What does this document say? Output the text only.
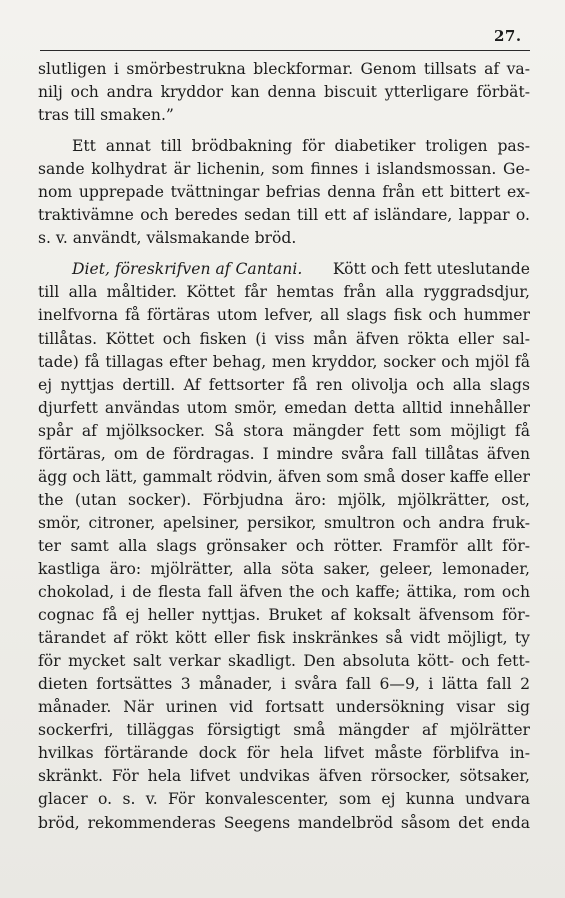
27.
slutligen i smörbestrukna bleckformar. Genom tillsats af va-
nilj och andra kryddor kan denna biscuit ytterligare förbät-
tras till smaken.”
Ett annat till brödbakning för diabetiker troligen pas-
sande kolhydrat är lichenin, som finnes i islandsmossan. Ge-
nom upprepade tvättningar befrias denna från ett bittert ex-
traktivämne och beredes sedan till ett af isländare, lappar o.
s. v. användt, välsmakande bröd.
Diet, föreskrifven af Cantani. Kött och fett uteslutande
till alla måltider. Köttet får hemtas från alla ryggradsdjur,
inelfvorna få förtäras utom lefver, all slags fisk och hummer
tillåtas. Köttet och fisken (i viss mån äfven rökta eller sal-
tade) få tillagas efter behag, men kryddor, socker och mjöl få
ej nyttjas dertill. Af fettsorter få ren olivolja och alla slags
djurfett användas utom smör, emedan detta alltid innehåller
spår af mjölksocker. Så stora mängder fett som möjligt få
förtäras, om de fördragas. I mindre svåra fall tillåtas äfven
ägg och lätt, gammalt rödvin, äfven som små doser kaffe eller
the (utan socker). Förbjudna äro: mjölk, mjölkrätter, ost,
smör, citroner, apelsiner, persikor, smultron och andra fruk-
ter samt alla slags grönsaker och rötter. Framför allt för-
kastliga äro: mjölrätter, alla söta saker, geleer, lemonader,
chokolad, i de flesta fall äfven the och kaffe; ättika, rom och
cognac få ej heller nyttjas. Bruket af koksalt äfvensom för-
tärandet af rökt kött eller fisk inskränkes så vidt möjligt, ty
för mycket salt verkar skadligt. Den absoluta kött- och fett-
dieten fortsättes 3 månader, i svåra fall 6—9, i lätta fall 2
månader. När urinen vid fortsatt undersökning visar sig
sockerfri, tilläggas försigtigt små mängder af mjölrätter
hvilkas förtärande dock för hela lifvet måste förblifva in-
skränkt. För hela lifvet undvikas äfven rörsocker, sötsaker,
glacer o. s. v. För konvalescenter, som ej kunna undvara
bröd, rekommenderas Seegens mandelbröd såsom det enda
